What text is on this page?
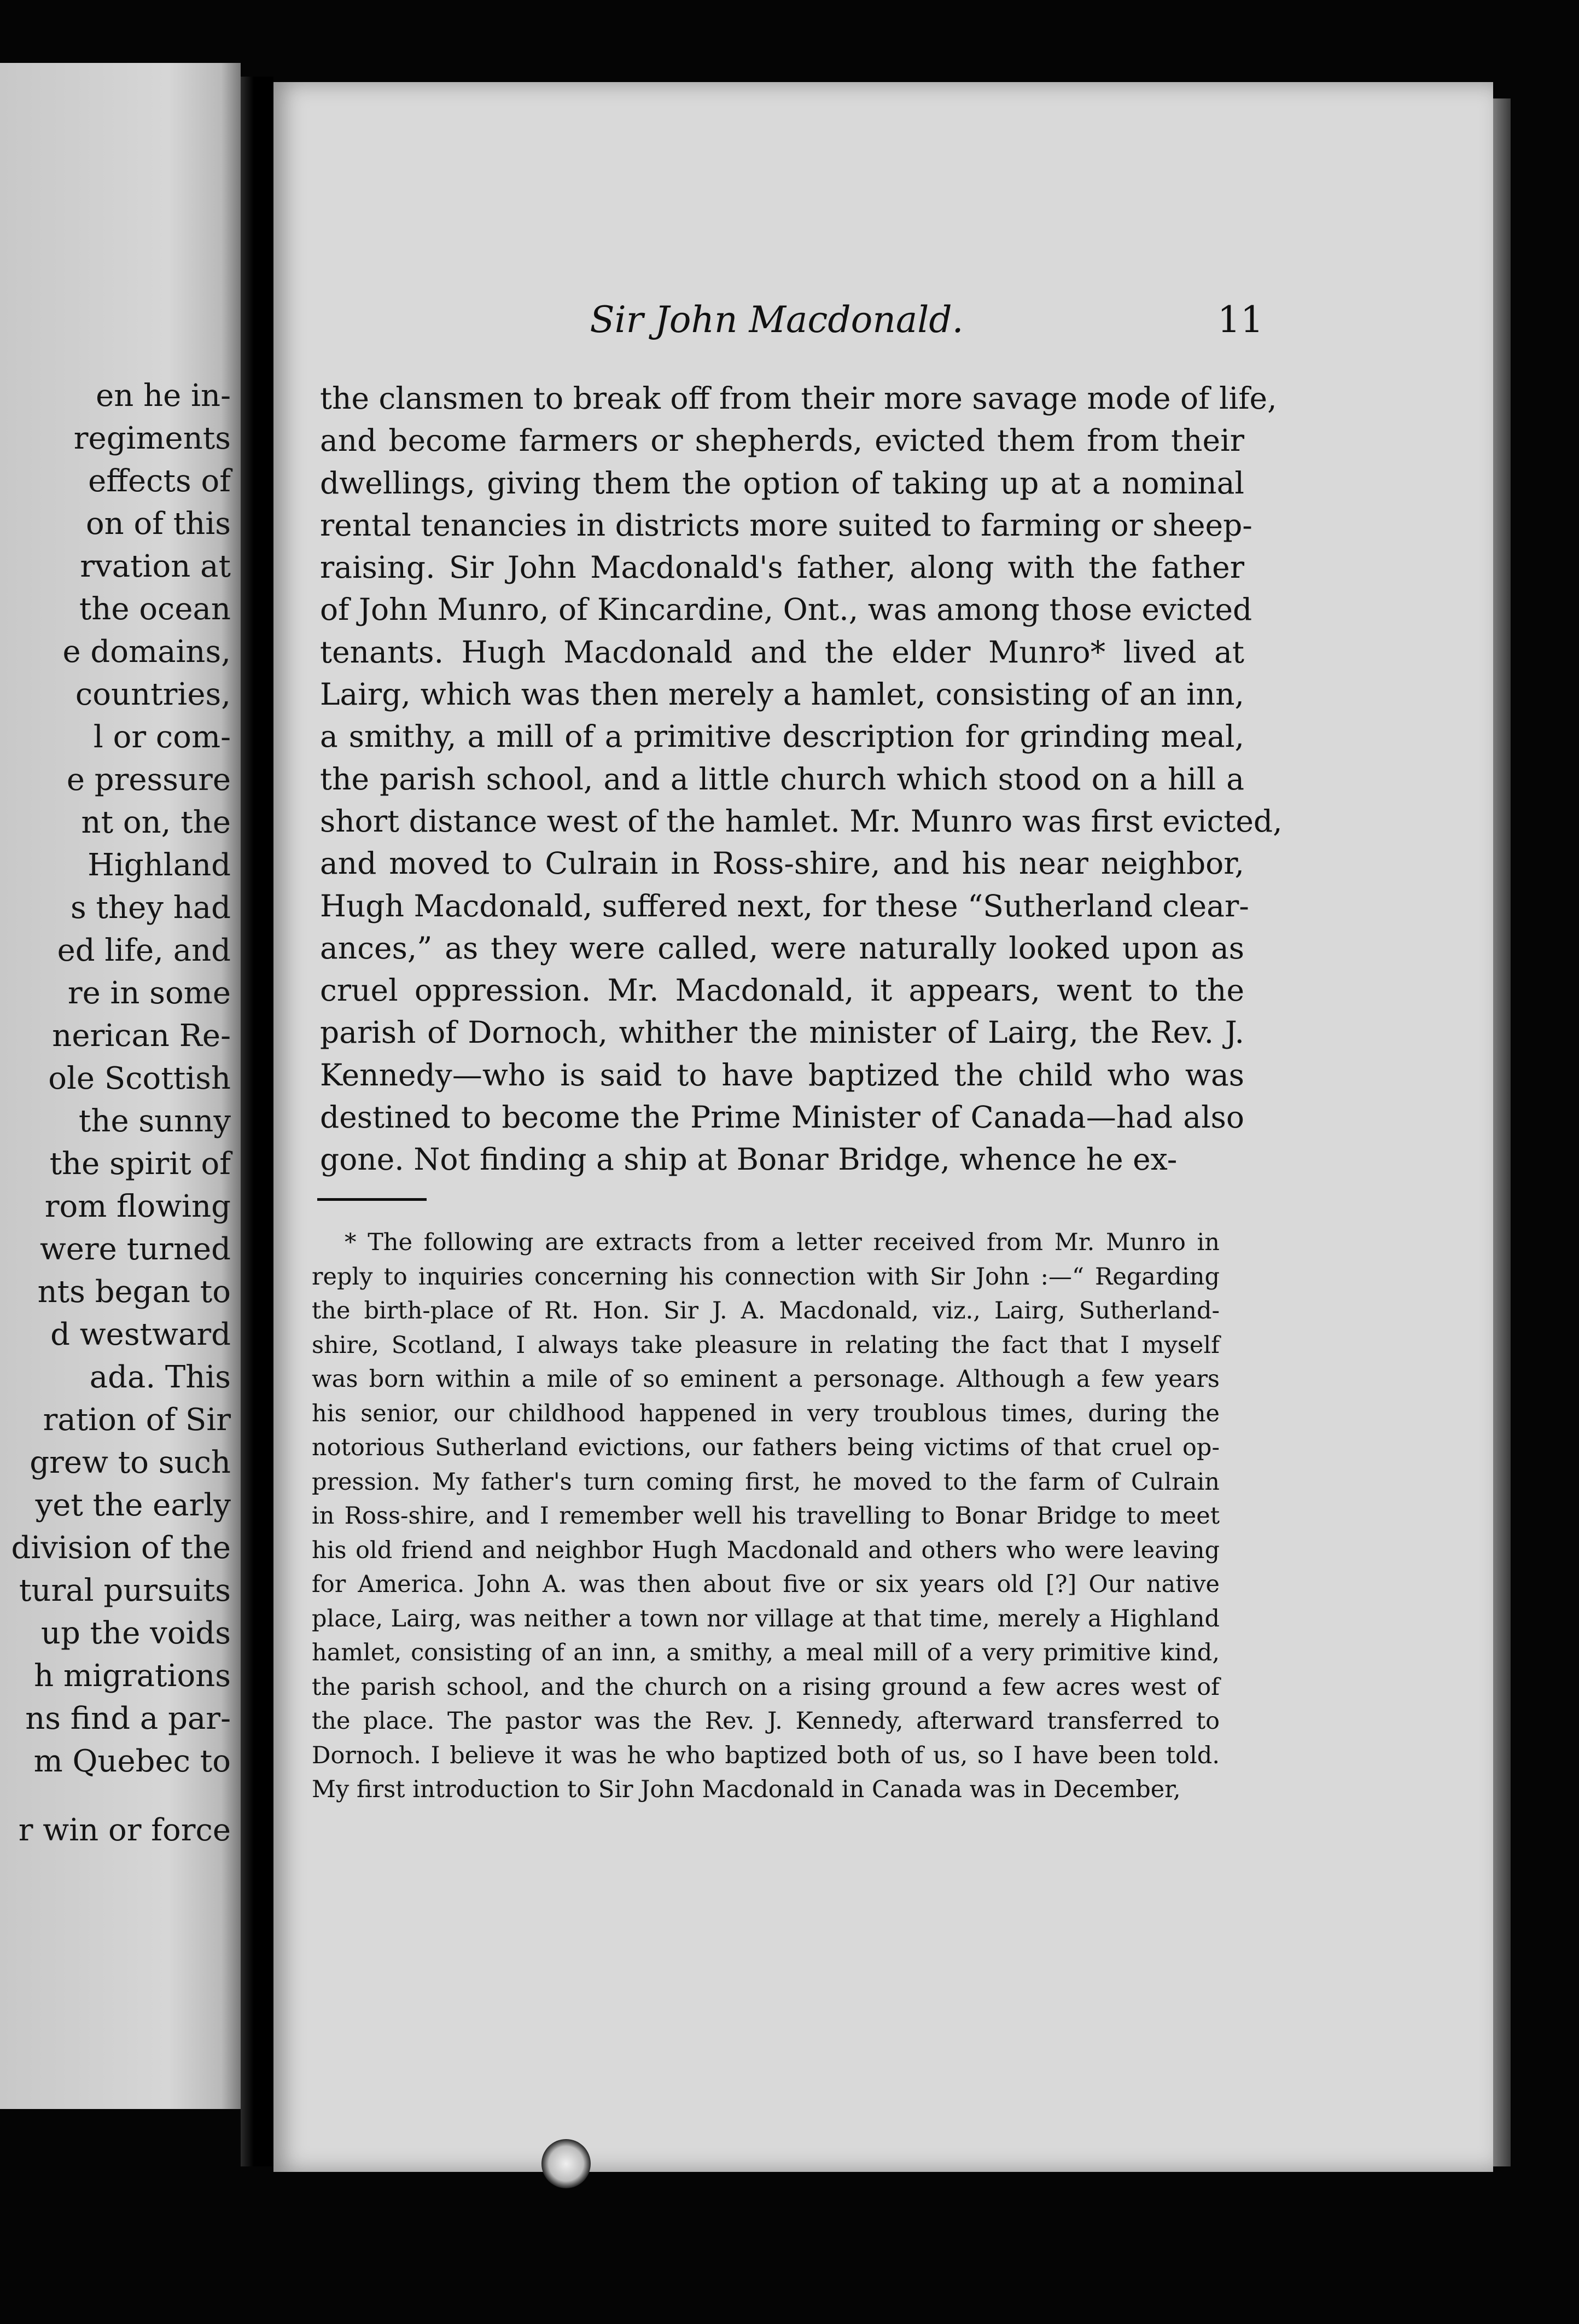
en he in-
regiments
effects of
on of this
rvation at
the ocean
e domains,
countries,
l or com-
e pressure
nt on, the
Highland
s they had
ed life, and
re in some
nerican Re-
ole Scottish
the sunny
the spirit of
rom flowing
were turned
nts began to
d westward
ada. This
ration of Sir
grew to such
yet the early
division of the
tural pursuits
up the voids
h migrations
ns find a par-
m Quebec to
r win or force
Sir John Macdonald.	11
the clansmen to break off from their more savage mode of life,
and become farmers or shepherds, evicted them from their
dwellings, giving them the option of taking up at a nominal
rental tenancies in districts more suited to farming or sheep-
raising. Sir John Macdonald's father, along with the father
of John Munro, of Kincardine, Ont., was among those evicted
tenants. Hugh Macdonald and the elder Munro* lived at
Lairg, which was then merely a hamlet, consisting of an inn,
a smithy, a mill of a primitive description for grinding meal,
the parish school, and a little church which stood on a hill a
short distance west of the hamlet. Mr. Munro was first evicted,
and moved to Culrain in Ross-shire, and his near neighbor,
Hugh Macdonald, suffered next, for these “Sutherland clear-
ances,” as they were called, were naturally looked upon as
cruel oppression. Mr. Macdonald, it appears, went to the
parish of Dornoch, whither the minister of Lairg, the Rev. J.
Kennedy—who is said to have baptized the child who was
destined to become the Prime Minister of Canada—had also
gone. Not finding a ship at Bonar Bridge, whence he ex-
* The following are extracts from a letter received from Mr. Munro in
reply to inquiries concerning his connection with Sir John :—“ Regarding
the birth-place of Rt. Hon. Sir J. A. Macdonald, viz., Lairg, Sutherland-
shire, Scotland, I always take pleasure in relating the fact that I myself
was born within a mile of so eminent a personage. Although a few years
his senior, our childhood happened in very troublous times, during the
notorious Sutherland evictions, our fathers being victims of that cruel op-
pression. My father's turn coming first, he moved to the farm of Culrain
in Ross-shire, and I remember well his travelling to Bonar Bridge to meet
his old friend and neighbor Hugh Macdonald and others who were leaving
for America. John A. was then about five or six years old [?] Our native
place, Lairg, was neither a town nor village at that time, merely a Highland
hamlet, consisting of an inn, a smithy, a meal mill of a very primitive kind,
the parish school, and the church on a rising ground a few acres west of
the place. The pastor was the Rev. J. Kennedy, afterward transferred to
Dornoch. I believe it was he who baptized both of us, so I have been told.
My first introduction to Sir John Macdonald in Canada was in December,
